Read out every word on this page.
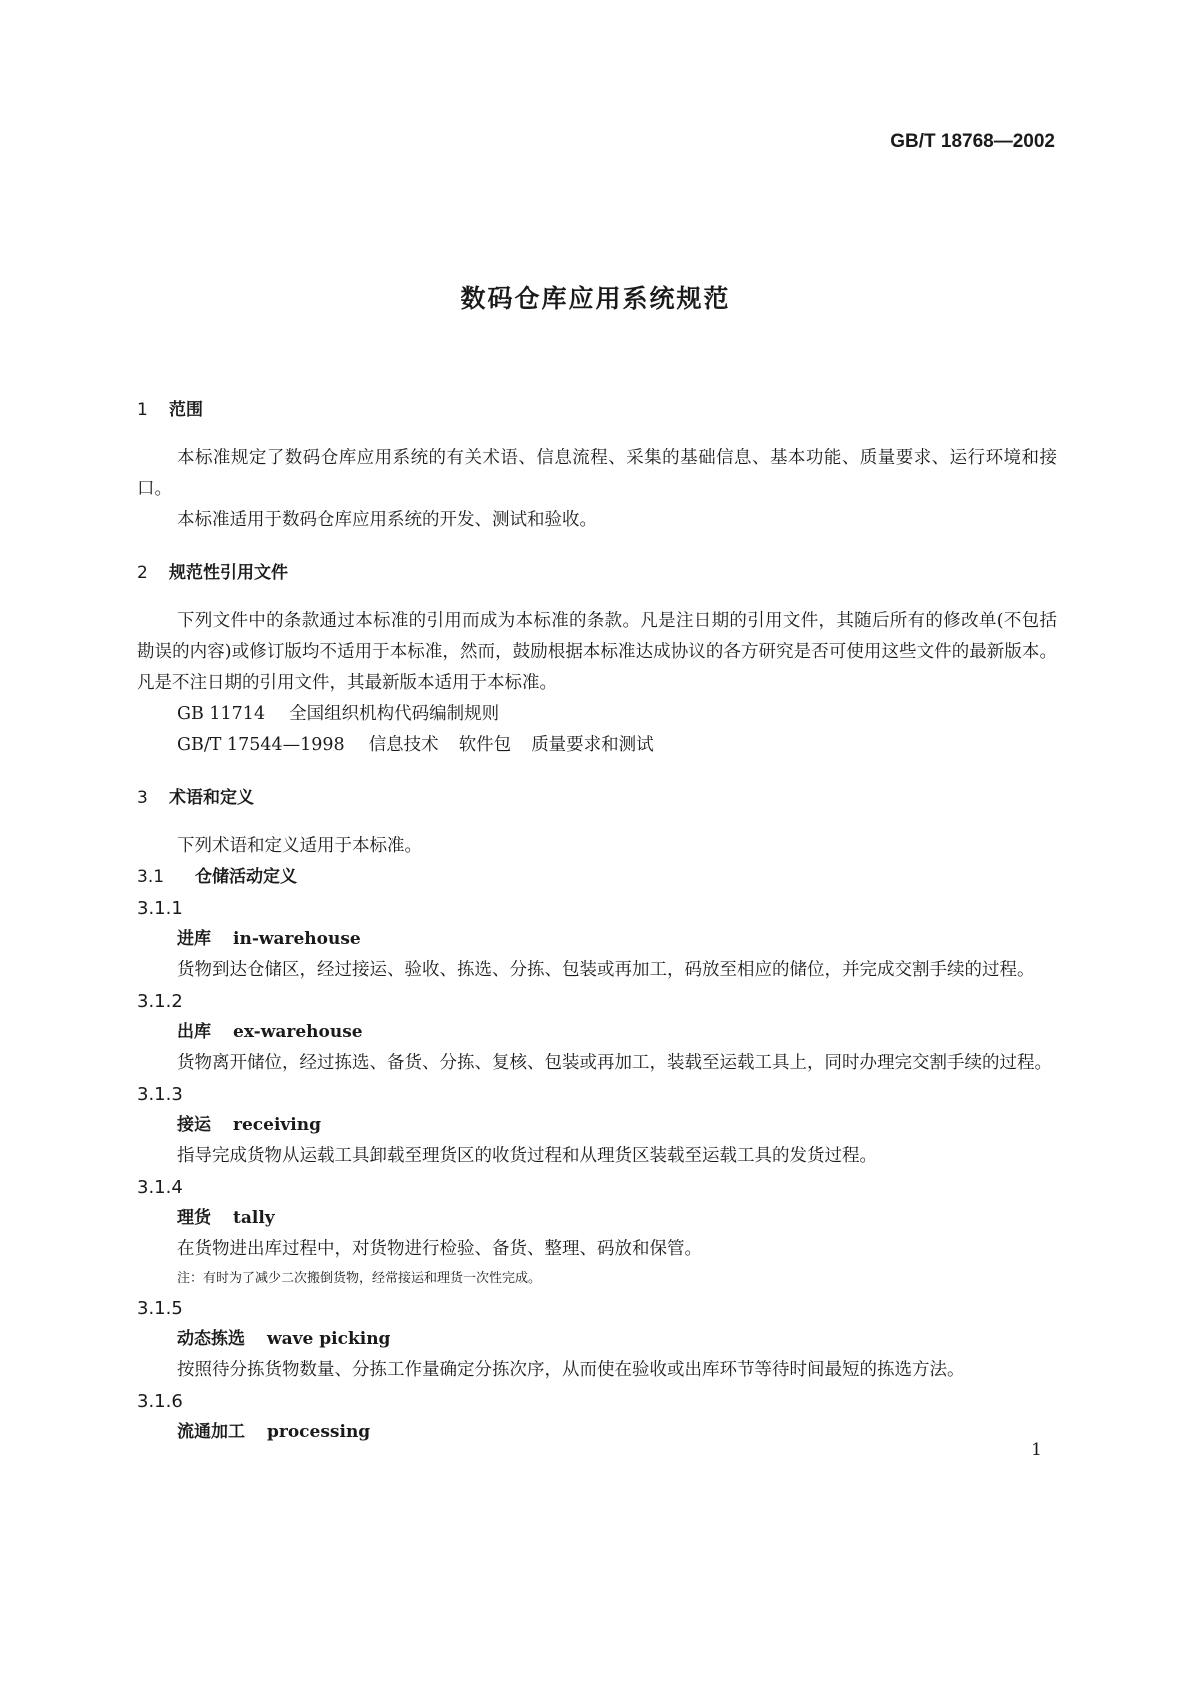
GB/T 18768—2002
数码仓库应用系统规范
1 范围
本标准规定了数码仓库应用系统的有关术语、信息流程、采集的基础信息、基本功能、质量要求、运行环境和接口。
本标准适用于数码仓库应用系统的开发、测试和验收。
2 规范性引用文件
下列文件中的条款通过本标准的引用而成为本标准的条款。凡是注日期的引用文件，其随后所有的修改单(不包括勘误的内容)或修订版均不适用于本标准，然而，鼓励根据本标准达成协议的各方研究是否可使用这些文件的最新版本。凡是不注日期的引用文件，其最新版本适用于本标准。
GB 11714 全国组织机构代码编制规则
GB/T 17544—1998 信息技术 软件包 质量要求和测试
3 术语和定义
下列术语和定义适用于本标准。
3.1 仓储活动定义
3.1.1
进库 in-warehouse
货物到达仓储区，经过接运、验收、拣选、分拣、包装或再加工，码放至相应的储位，并完成交割手续的过程。
3.1.2
出库 ex-warehouse
货物离开储位，经过拣选、备货、分拣、复核、包装或再加工，装载至运载工具上，同时办理完交割手续的过程。
3.1.3
接运 receiving
指导完成货物从运载工具卸载至理货区的收货过程和从理货区装载至运载工具的发货过程。
3.1.4
理货 tally
在货物进出库过程中，对货物进行检验、备货、整理、码放和保管。
注：有时为了减少二次搬倒货物，经常接运和理货一次性完成。
3.1.5
动态拣选 wave picking
按照待分拣货物数量、分拣工作量确定分拣次序，从而使在验收或出库环节等待时间最短的拣选方法。
3.1.6
流通加工 processing
1
